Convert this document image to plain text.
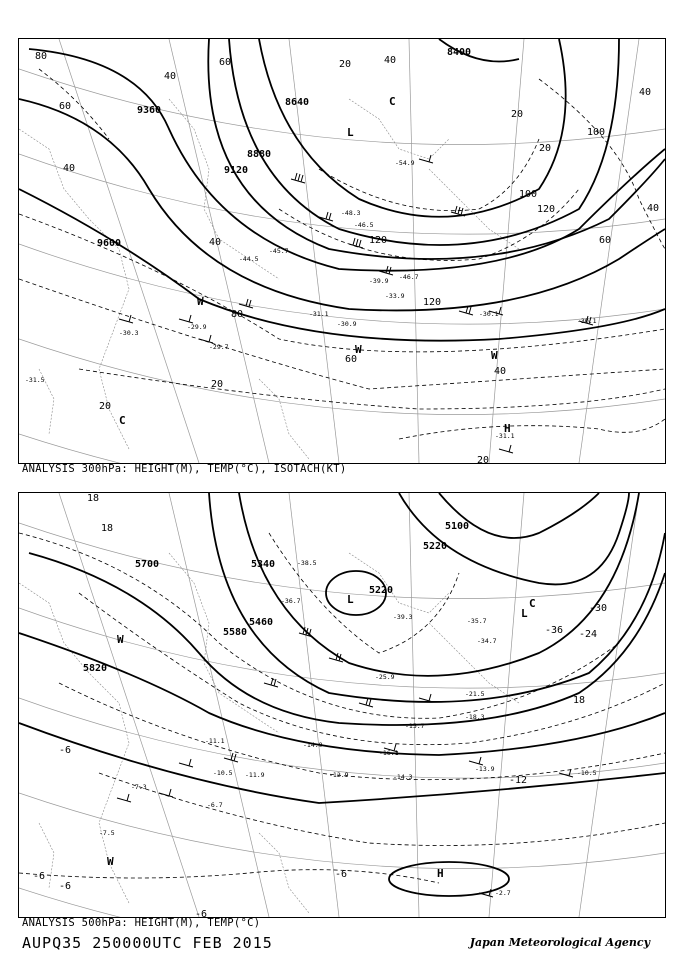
9360
8400
8640
8880
9120
9600
80
40
60
40
20	40
60
20
100
120
100
20
60
40
120
40
40
120
80
60
40
20
20
20
L
C
W
W	W
C
H
-48.3
-46.5
-45.7
-44.5
-39.9
-29.7
-30.9
-31.1	-30.1
-30.1
-54.9
-46.7
-31.1
-29.9
-31.5
-30.3
-33.9
ANALYSIS 300hPa: HEIGHT(M), TEMP(°C), ISOTACH(KT)
5100
5220
5700	5340
5460
5580
5820
5220
18
18
-30
-24
-36
18
-6
-12
-6
-6
-6
-6
L	C
L
W
W
H
-38.5
-36.7
-39.3	-35.7
-34.7
-25.9
-21.5
-18.3
-15.7
-14.9
-16.1
-14.3
-13.9	-10.5
-11.1
-10.5
-7.3
-6.7
-7.5
-2.7
-12.9
-11.9
ANALYSIS 500hPa: HEIGHT(M), TEMP(°C)
AUPQ35 250000UTC FEB 2015	Japan Meteorological Agency
